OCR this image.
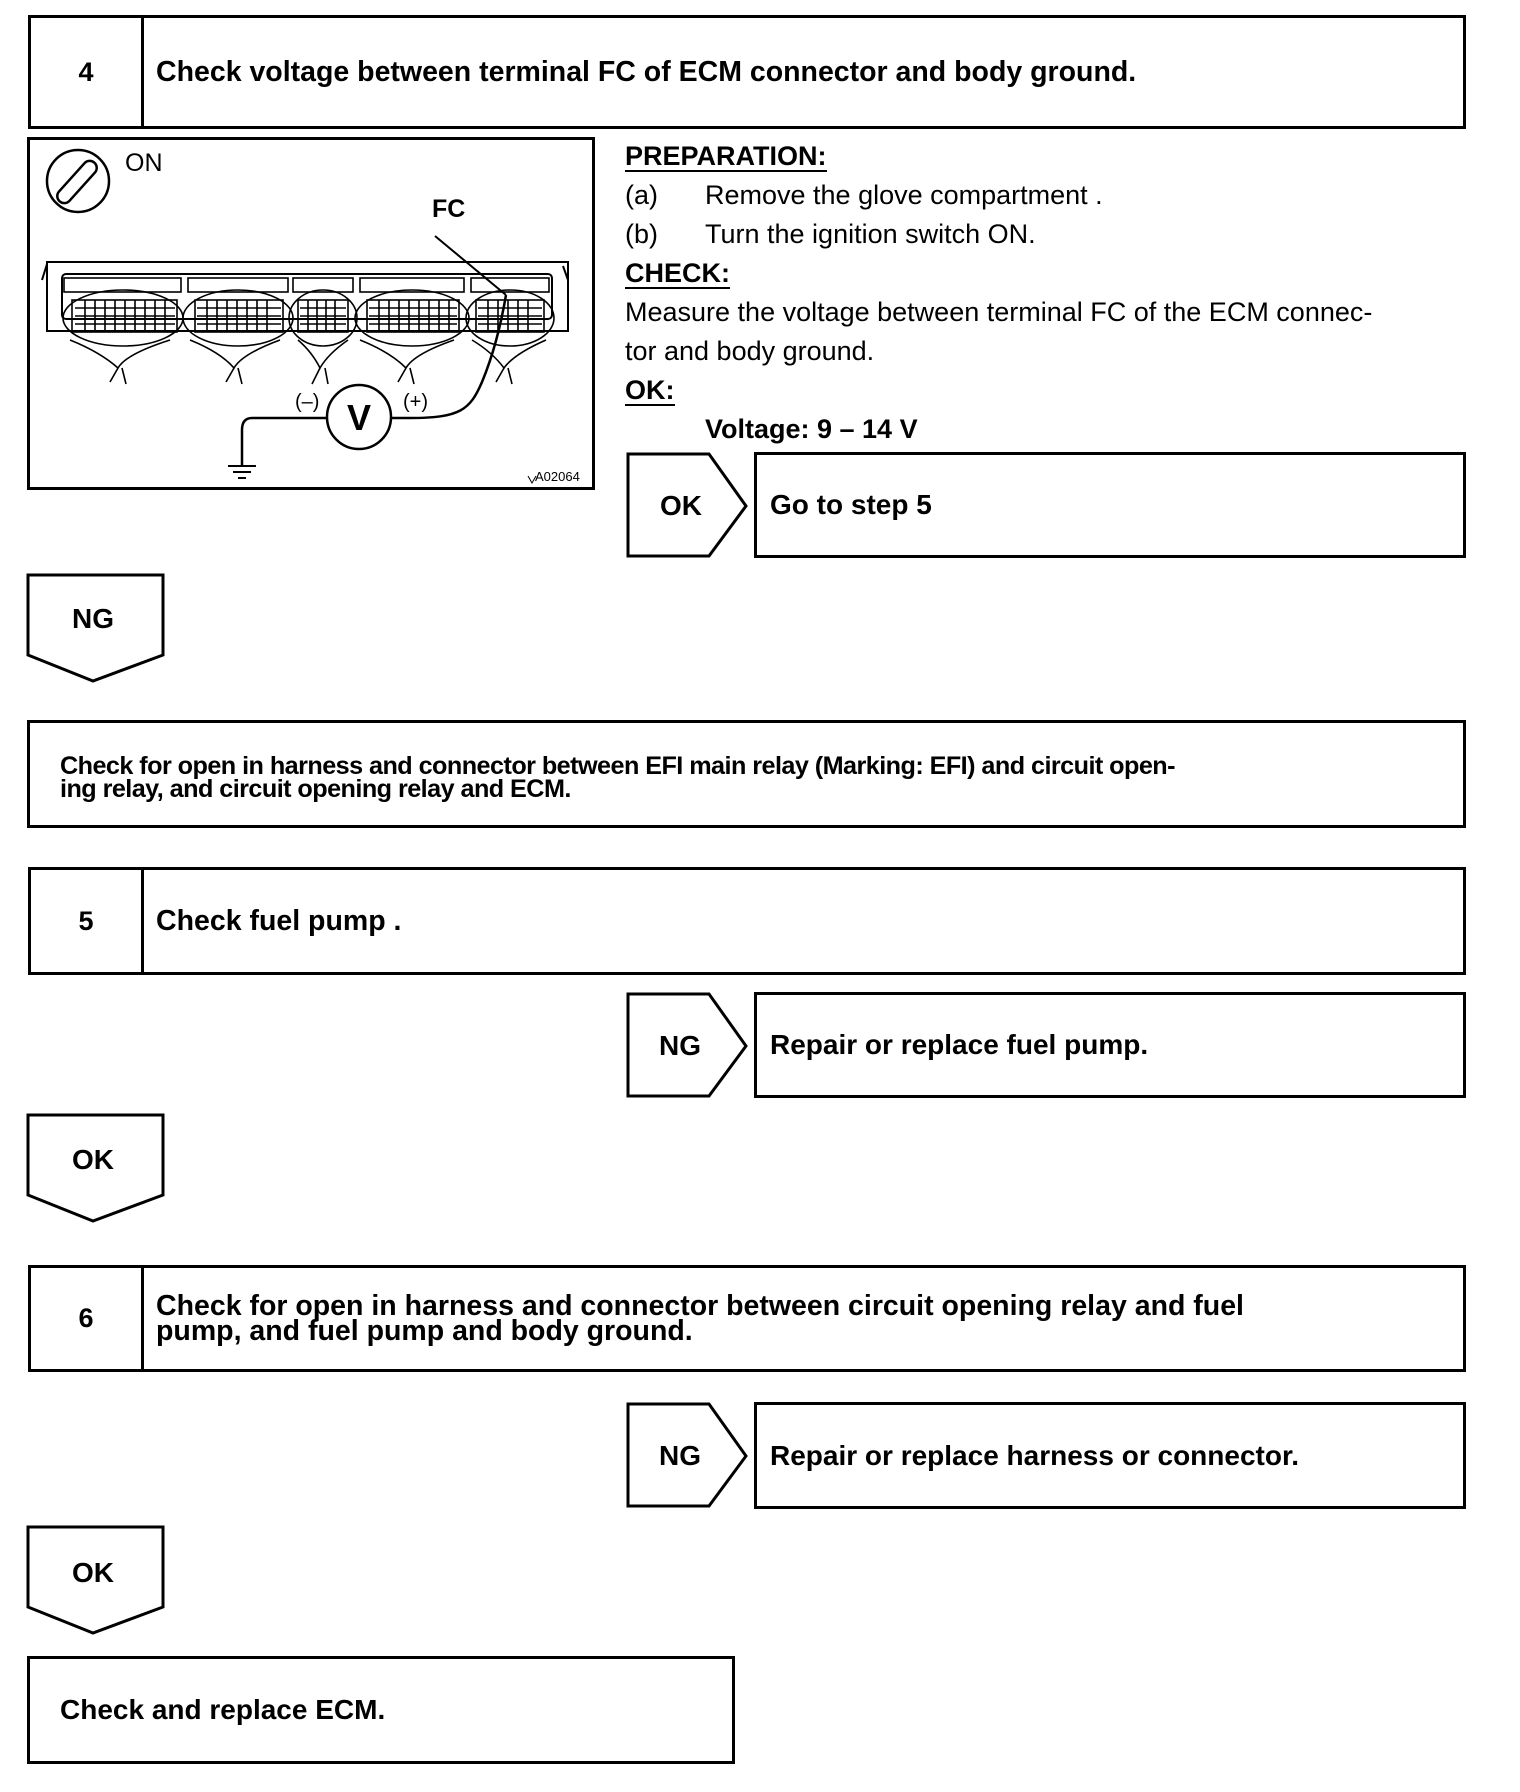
4	Check voltage between terminal FC of ECM connector and body ground.
ON
FC
V
(–)	(+)
A02064
PREPARATION:
(a)	Remove the glove compartment .
(b)	Turn the ignition switch ON.
CHECK:
Measure the voltage between terminal FC of the ECM connec-
tor and body ground.
OK:
Voltage: 9 – 14 V
OK Go to step 5
NG
Check for open in harness and connector between EFI main relay (Marking: EFI) and circuit open-
ing relay, and circuit opening relay and ECM.
5	Check fuel pump .
NG Repair or replace fuel pump.
OK
6	Check for open in harness and connector between circuit opening relay and fuel
pump, and fuel pump and body ground.
NG Repair or replace harness or connector.
OK
Check and replace ECM.
